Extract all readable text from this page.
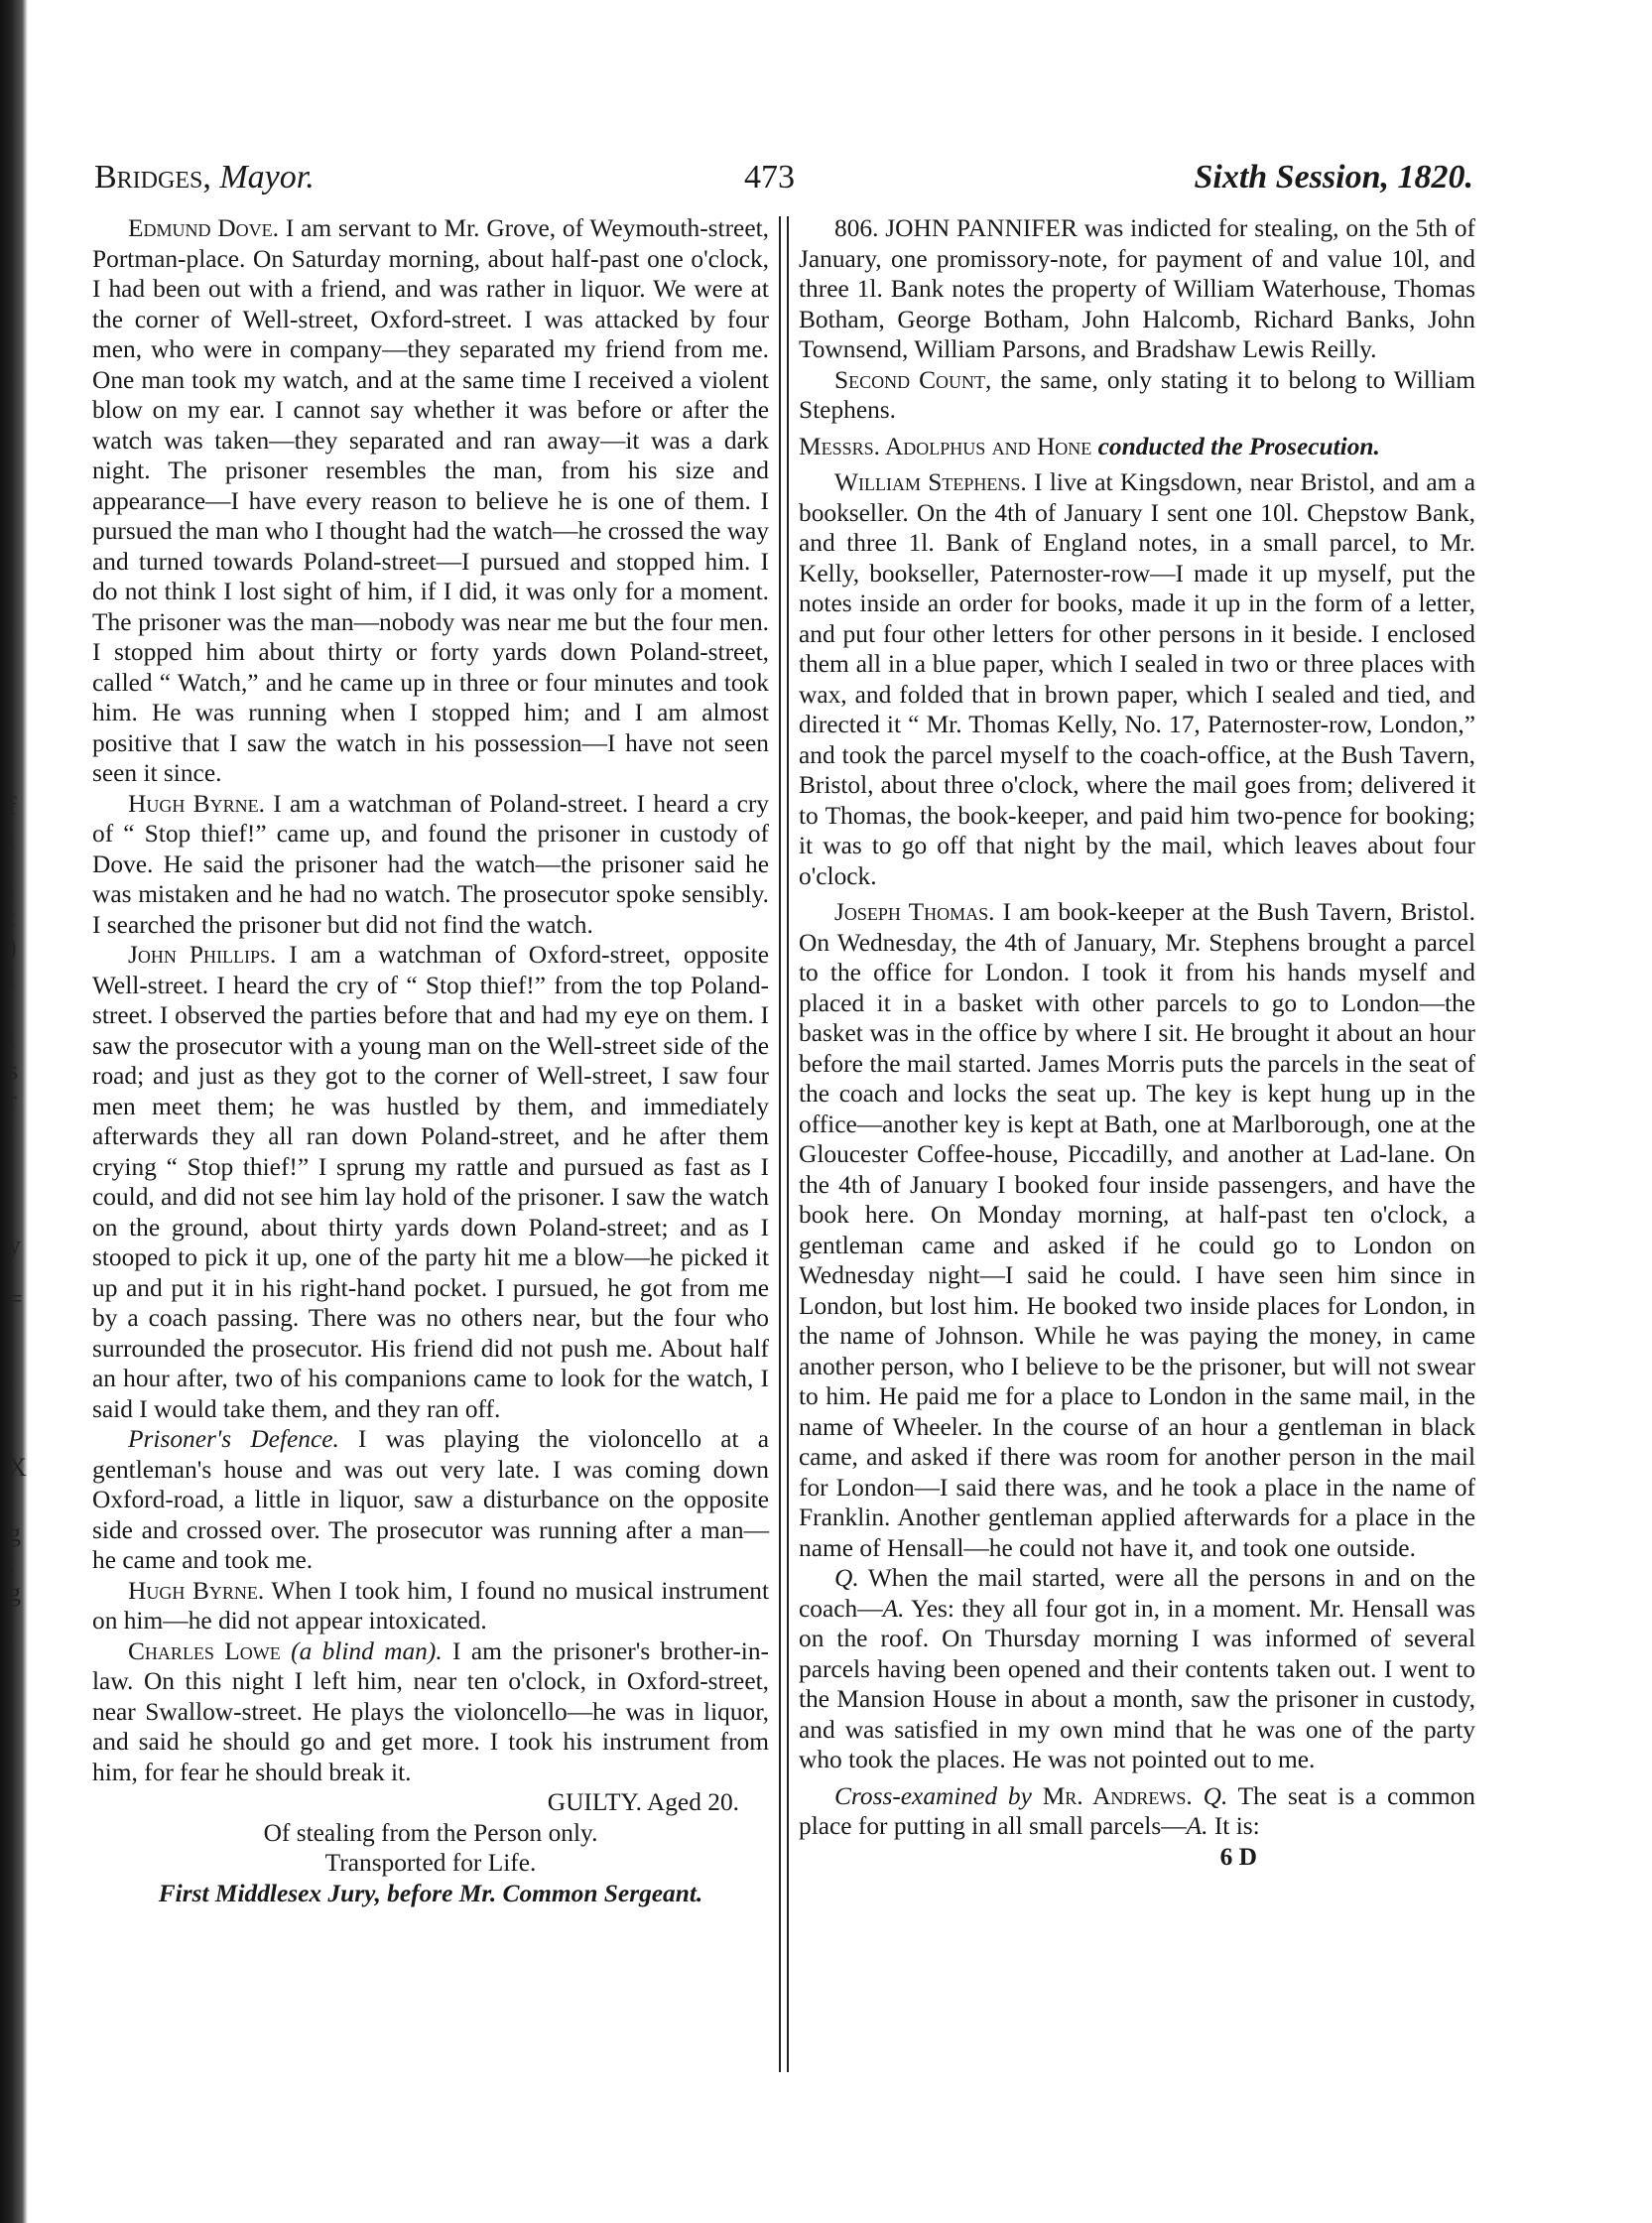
f
l
,
t
)
l
l
s
r
y
=
X
g
;
g
Bridges, Mayor.	473	Sixth Session, 1820.

Edmund Dove. I am servant to Mr. Grove, of Weymouth-street, Portman-place. On Saturday morning, about half-past one o'clock, I had been out with a friend, and was rather in liquor. We were at the corner of Well-street, Oxford-street. I was attacked by four men, who were in company—they separated my friend from me. One man took my watch, and at the same time I received a violent blow on my ear. I cannot say whether it was before or after the watch was taken—they separated and ran away—it was a dark night. The prisoner resembles the man, from his size and appearance—I have every reason to believe he is one of them. I pursued the man who I thought had the watch—he crossed the way and turned towards Poland-street—I pursued and stopped him. I do not think I lost sight of him, if I did, it was only for a moment. The prisoner was the man—nobody was near me but the four men. I stopped him about thirty or forty yards down Poland-street, called “ Watch,” and he came up in three or four minutes and took him. He was running when I stopped him; and I am almost positive that I saw the watch in his possession—I have not seen seen it since.

Hugh Byrne. I am a watchman of Poland-street. I heard a cry of “ Stop thief!” came up, and found the prisoner in custody of Dove. He said the prisoner had the watch—the prisoner said he was mistaken and he had no watch. The prosecutor spoke sensibly. I searched the prisoner but did not find the watch.

John Phillips. I am a watchman of Oxford-street, opposite Well-street. I heard the cry of “ Stop thief!” from the top Poland-street. I observed the parties before that and had my eye on them. I saw the prosecutor with a young man on the Well-street side of the road; and just as they got to the corner of Well-street, I saw four men meet them; he was hustled by them, and immediately afterwards they all ran down Poland-street, and he after them crying “ Stop thief!” I sprung my rattle and pursued as fast as I could, and did not see him lay hold of the prisoner. I saw the watch on the ground, about thirty yards down Poland-street; and as I stooped to pick it up, one of the party hit me a blow—he picked it up and put it in his right-hand pocket. I pursued, he got from me by a coach passing. There was no others near, but the four who surrounded the prosecutor. His friend did not push me. About half an hour after, two of his companions came to look for the watch, I said I would take them, and they ran off.

Prisoner's Defence. I was playing the violoncello at a gentleman's house and was out very late. I was coming down Oxford-road, a little in liquor, saw a disturbance on the opposite side and crossed over. The prosecutor was running after a man—he came and took me.

Hugh Byrne. When I took him, I found no musical instrument on him—he did not appear intoxicated.

Charles Lowe (a blind man). I am the prisoner's brother-in-law. On this night I left him, near ten o'clock, in Oxford-street, near Swallow-street. He plays the violoncello—he was in liquor, and said he should go and get more. I took his instrument from him, for fear he should break it.

GUILTY. Aged 20.

Of stealing from the Person only.

Transported for Life.

First Middlesex Jury, before Mr. Common Sergeant.

806. JOHN PANNIFER was indicted for stealing, on the 5th of January, one promissory-note, for payment of and value 10l, and three 1l. Bank notes the property of William Waterhouse, Thomas Botham, George Botham, John Halcomb, Richard Banks, John Townsend, William Parsons, and Bradshaw Lewis Reilly.

Second Count, the same, only stating it to belong to William Stephens.

Messrs. Adolphus and Hone conducted the Prosecution.

William Stephens. I live at Kingsdown, near Bristol, and am a bookseller. On the 4th of January I sent one 10l. Chepstow Bank, and three 1l. Bank of England notes, in a small parcel, to Mr. Kelly, bookseller, Paternoster-row—I made it up myself, put the notes inside an order for books, made it up in the form of a letter, and put four other letters for other persons in it beside. I enclosed them all in a blue paper, which I sealed in two or three places with wax, and folded that in brown paper, which I sealed and tied, and directed it “ Mr. Thomas Kelly, No. 17, Paternoster-row, London,” and took the parcel myself to the coach-office, at the Bush Tavern, Bristol, about three o'clock, where the mail goes from; delivered it to Thomas, the book-keeper, and paid him two-pence for booking; it was to go off that night by the mail, which leaves about four o'clock.

Joseph Thomas. I am book-keeper at the Bush Tavern, Bristol. On Wednesday, the 4th of January, Mr. Stephens brought a parcel to the office for London. I took it from his hands myself and placed it in a basket with other parcels to go to London—the basket was in the office by where I sit. He brought it about an hour before the mail started. James Morris puts the parcels in the seat of the coach and locks the seat up. The key is kept hung up in the office—another key is kept at Bath, one at Marlborough, one at the Gloucester Coffee-house, Piccadilly, and another at Lad-lane. On the 4th of January I booked four inside passengers, and have the book here. On Monday morning, at half-past ten o'clock, a gentleman came and asked if he could go to London on Wednesday night—I said he could. I have seen him since in London, but lost him. He booked two inside places for London, in the name of Johnson. While he was paying the money, in came another person, who I believe to be the prisoner, but will not swear to him. He paid me for a place to London in the same mail, in the name of Wheeler. In the course of an hour a gentleman in black came, and asked if there was room for another person in the mail for London—I said there was, and he took a place in the name of Franklin. Another gentleman applied afterwards for a place in the name of Hensall—he could not have it, and took one outside.

Q. When the mail started, were all the persons in and on the coach—A. Yes: they all four got in, in a moment. Mr. Hensall was on the roof. On Thursday morning I was informed of several parcels having been opened and their contents taken out. I went to the Mansion House in about a month, saw the prisoner in custody, and was satisfied in my own mind that he was one of the party who took the places. He was not pointed out to me.

Cross-examined by Mr. Andrews. Q. The seat is a common place for putting in all small parcels—A. It is:

6 D
